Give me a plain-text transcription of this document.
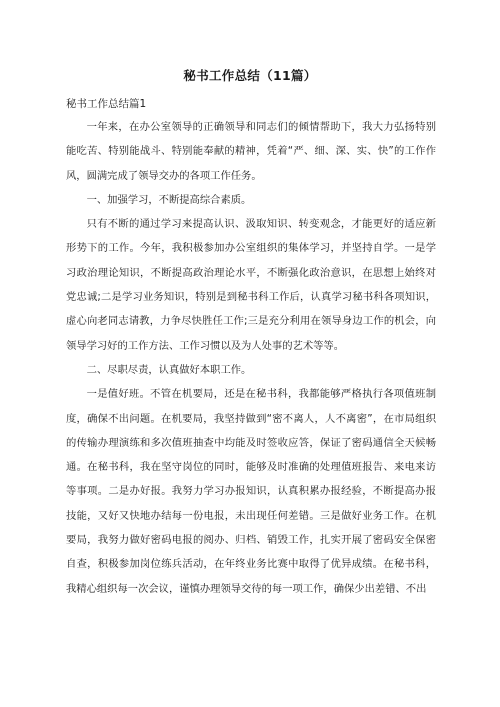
秘书工作总结（11篇）
秘书工作总结篇1

一年来，在办公室领导的正确领导和同志们的倾情帮助下，我大力弘扬特别能吃苦、特别能战斗、特别能奉献的精神，凭着“严、细、深、实、快”的工作作风，圆满完成了领导交办的各项工作任务。

一、加强学习，不断提高综合素质。

只有不断的通过学习来提高认识、汲取知识、转变观念，才能更好的适应新形势下的工作。今年，我积极参加办公室组织的集体学习，并坚持自学。一是学习政治理论知识，不断提高政治理论水平，不断强化政治意识，在思想上始终对党忠诚;二是学习业务知识，特别是到秘书科工作后，认真学习秘书科各项知识，虚心向老同志请教，力争尽快胜任工作;三是充分利用在领导身边工作的机会，向领导学习好的工作方法、工作习惯以及为人处事的艺术等等。

二、尽职尽责，认真做好本职工作。

一是值好班。不管在机要局，还是在秘书科，我都能够严格执行各项值班制度，确保不出问题。在机要局，我坚持做到“密不离人，人不离密”，在市局组织的传输办理演练和多次值班抽查中均能及时签收应答，保证了密码通信全天候畅通。在秘书科，我在坚守岗位的同时，能够及时准确的处理值班报告、来电来访等事项。二是办好报。我努力学习办报知识，认真积累办报经验，不断提高办报技能，又好又快地办结每一份电报，未出现任何差错。三是做好业务工作。在机要局，我努力做好密码电报的阅办、归档、销毁工作，扎实开展了密码安全保密自查，积极参加岗位练兵活动，在年终业务比赛中取得了优异成绩。在秘书科，我精心组织每一次会议，谨慎办理领导交待的每一项工作，确保少出差错、不出
